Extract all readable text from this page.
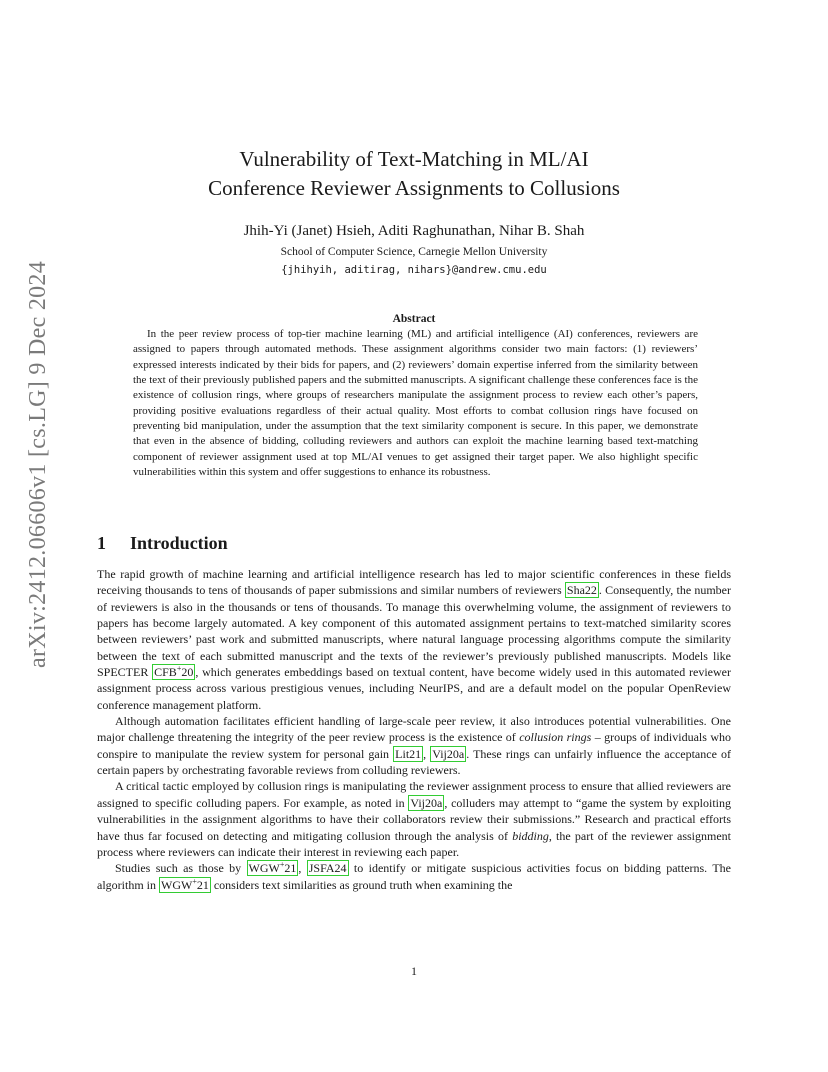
arXiv:2412.06606v1 [cs.LG] 9 Dec 2024
Vulnerability of Text-Matching in ML/AI
Conference Reviewer Assignments to Collusions
Jhih-Yi (Janet) Hsieh, Aditi Raghunathan, Nihar B. Shah
School of Computer Science, Carnegie Mellon University
{jhihyih, aditirag, nihars}@andrew.cmu.edu
Abstract

In the peer review process of top-tier machine learning (ML) and artificial intelligence (AI) conferences, reviewers are assigned to papers through automated methods. These assignment algorithms consider two main factors: (1) reviewers’ expressed interests indicated by their bids for papers, and (2) reviewers’ domain expertise inferred from the similarity between the text of their previously published papers and the submitted manuscripts. A significant challenge these conferences face is the existence of collusion rings, where groups of researchers manipulate the assignment process to review each other’s papers, providing positive evaluations regardless of their actual quality. Most efforts to combat collusion rings have focused on preventing bid manipulation, under the assumption that the text similarity component is secure. In this paper, we demonstrate that even in the absence of bidding, colluding reviewers and authors can exploit the machine learning based text-matching component of reviewer assignment used at top ML/AI venues to get assigned their target paper. We also highlight specific vulnerabilities within this system and offer suggestions to enhance its robustness.

1 Introduction

The rapid growth of machine learning and artificial intelligence research has led to major scientific conferences in these fields receiving thousands to tens of thousands of paper submissions and similar numbers of reviewers Sha22 . Consequently, the number of reviewers is also in the thousands or tens of thousands. To manage this overwhelming volume, the assignment of reviewers to papers has become largely automated. A key component of this automated assignment pertains to text-matched similarity scores between reviewers’ past work and submitted manuscripts, where natural language processing algorithms compute the similarity between the text of each submitted manuscript and the texts of the reviewer’s previously published manuscripts. Models like SPECTER CFB+20 , which generates embeddings based on textual content, have become widely used in this automated reviewer assignment process across various prestigious venues, including NeurIPS, and are a default model on the popular OpenReview conference management platform.

Although automation facilitates efficient handling of large-scale peer review, it also introduces potential vulnerabilities. One major challenge threatening the integrity of the peer review process is the existence of collusion rings – groups of individuals who conspire to manipulate the review system for personal gain Lit21 , Vij20a . These rings can unfairly influence the acceptance of certain papers by orchestrating favorable reviews from colluding reviewers.

A critical tactic employed by collusion rings is manipulating the reviewer assignment process to ensure that allied reviewers are assigned to specific colluding papers. For example, as noted in Vij20a , colluders may attempt to “game the system by exploiting vulnerabilities in the assignment algorithms to have their collaborators review their submissions.” Research and practical efforts have thus far focused on detecting and mitigating collusion through the analysis of bidding, the part of the reviewer assignment process where reviewers can indicate their interest in reviewing each paper.

Studies such as those by WGW+21 , JSFA24 to identify or mitigate suspicious activities focus on bidding patterns. The algorithm in WGW+21 considers text similarities as ground truth when examining the

1
